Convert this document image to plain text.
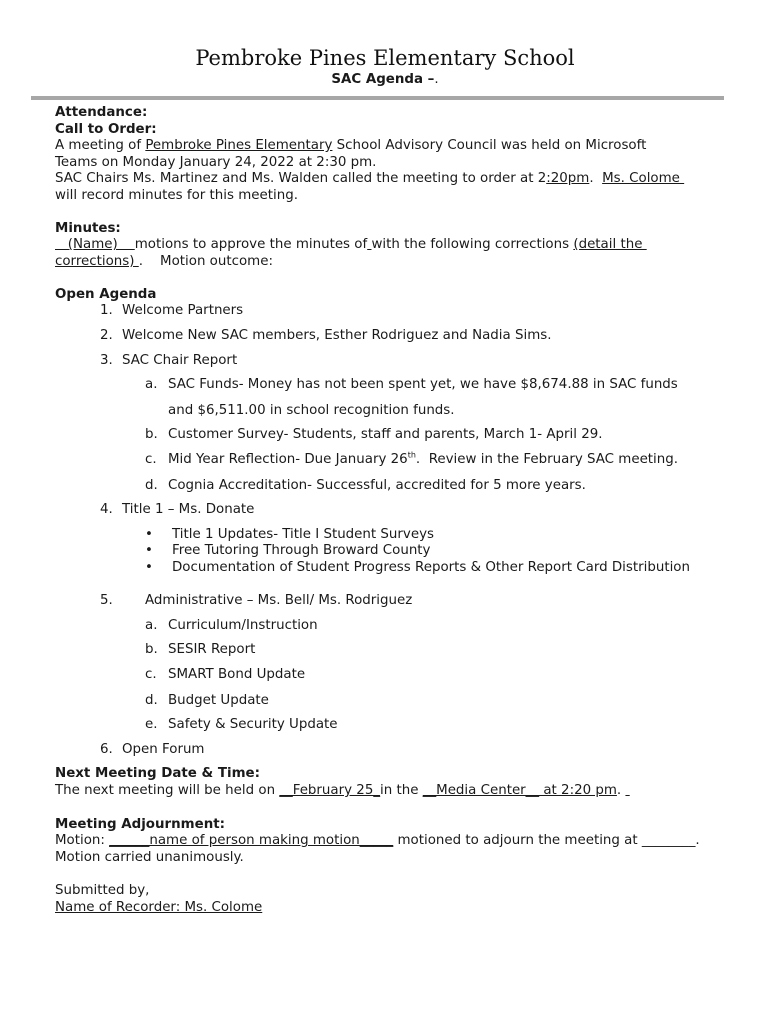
Pembroke Pines Elementary School
SAC Agenda –.
Attendance:
Call to Order:
A meeting of Pembroke Pines Elementary School Advisory Council was held on Microsoft
Teams on Monday January 24, 2022 at 2:30 pm.
SAC Chairs Ms. Martinez and Ms. Walden called the meeting to order at 2:20pm.  Ms. Colome
will record minutes for this meeting.
Minutes:
(Name)    motions to approve the minutes of with the following corrections (detail the
corrections) .    Motion outcome:
Open Agenda
1. Welcome Partners
2. Welcome New SAC members, Esther Rodriguez and Nadia Sims.
3. SAC Chair Report
a. SAC Funds- Money has not been spent yet, we have $8,674.88 in SAC funds
and $6,511.00 in school recognition funds.
b. Customer Survey- Students, staff and parents, March 1- April 29.
c. Mid Year Reflection- Due January 26th.  Review in the February SAC meeting.
d. Cognia Accreditation- Successful, accredited for 5 more years.
4. Title 1 – Ms. Donate
• Title 1 Updates- Title I Student Surveys
• Free Tutoring Through Broward County
• Documentation of Student Progress Reports & Other Report Card Distribution
5. Administrative – Ms. Bell/ Ms. Rodriguez
a. Curriculum/Instruction
b. SESIR Report
c. SMART Bond Update
d. Budget Update
e. Safety & Security Update
6. Open Forum
Next Meeting Date & Time:
The next meeting will be held on __February 25_in the __Media Center__ at 2:20 pm.
Meeting Adjournment:
Motion: ______name of person making motion_____ motioned to adjourn the meeting at ________.
Motion carried unanimously.
Submitted by,
Name of Recorder: Ms. Colome
